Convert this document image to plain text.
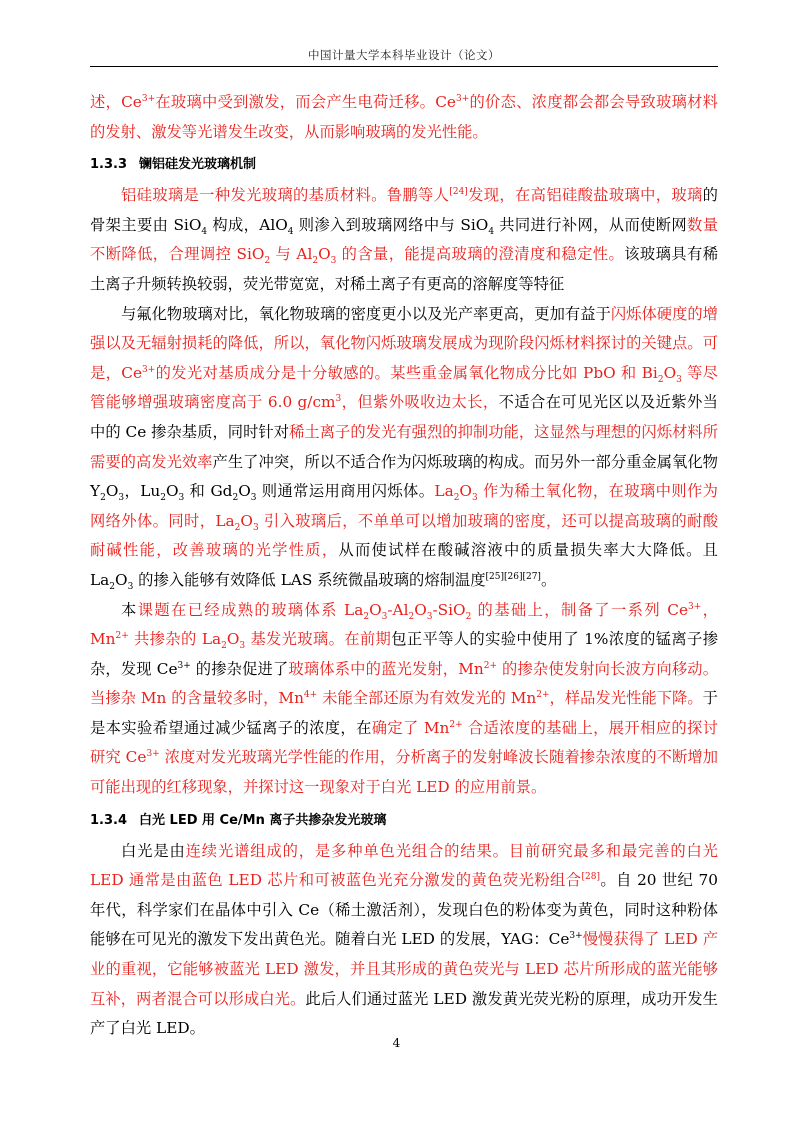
中国计量大学本科毕业设计（论文）

述，$Ce^{3+}$在玻璃中受到激发，而会产生电荷迁移。$Ce^{3+}$的价态、浓度都会都会导致玻璃材料的发射、激发等光谱发生改变，从而影响玻璃的发光性能。

1.3.3 镧铝硅发光玻璃机制

铝硅玻璃是一种发光玻璃的基质材料。鲁鹏等人[24]发现，在高铝硅酸盐玻璃中，玻璃的骨架主要由 SiO$_4$ 构成，AlO$_4$ 则渗入到玻璃网络中与 SiO$_4$ 共同进行补网，从而使断网数量不断降低，合理调控 SiO$_2$ 与 $Al_2O_3$ 的含量，能提高玻璃的澄清度和稳定性。该玻璃具有稀土离子升频转换较弱，荧光带宽宽，对稀土离子有更高的溶解度等特征

与氟化物玻璃对比，氧化物玻璃的密度更小以及光产率更高，更加有益于闪烁体硬度的增强以及无辐射损耗的降低，所以，氧化物闪烁玻璃发展成为现阶段闪烁材料探讨的关键点。可是，$Ce^{3+}$的发光对基质成分是十分敏感的。某些重金属氧化物成分比如 PbO 和 $Bi_2O_3$ 等尽管能够增强玻璃密度高于 6.0 $g/cm^3$，但紫外吸收边太长，不适合在可见光区以及近紫外当中的 Ce 掺杂基质，同时针对稀土离子的发光有强烈的抑制功能，这显然与理想的闪烁材料所需要的高发光效率产生了冲突，所以不适合作为闪烁玻璃的构成。而另外一部分重金属氧化物 $Y_2O_3$，$Lu_2O_3$ 和 $Gd_2O_3$ 则通常运用商用闪烁体。$La_2O_3$ 作为稀土氧化物，在玻璃中则作为网络外体。同时，$La_2O_3$ 引入玻璃后，不单单可以增加玻璃的密度，还可以提高玻璃的耐酸耐碱性能，改善玻璃的光学性质，从而使试样在酸碱溶液中的质量损失率大大降低。且 $La_2O_3$ 的掺入能够有效降低 LAS 系统微晶玻璃的熔制温度[25][26][27]。

本课题在已经成熟的玻璃体系 $La_2O_3-Al_2O_3-SiO_2$ 的基础上，制备了一系列 $Ce^{3+}$，$Mn^{2+}$ 共掺杂的 $La_2O_3$ 基发光玻璃。在前期包正平等人的实验中使用了 1%浓度的锰离子掺杂，发现 $Ce^{3+}$ 的掺杂促进了玻璃体系中的蓝光发射，$Mn^{2+}$ 的掺杂使发射向长波方向移动。当掺杂 Mn 的含量较多时，$Mn^{4+}$ 未能全部还原为有效发光的 $Mn^{2+}$，样品发光性能下降。于是本实验希望通过减少锰离子的浓度，在确定了 $Mn^{2+}$ 合适浓度的基础上，展开相应的探讨研究 $Ce^{3+}$ 浓度对发光玻璃光学性能的作用，分析离子的发射峰波长随着掺杂浓度的不断增加可能出现的红移现象，并探讨这一现象对于白光 LED 的应用前景。

1.3.4 白光 LED 用 Ce/Mn 离子共掺杂发光玻璃

白光是由连续光谱组成的，是多种单色光组合的结果。目前研究最多和最完善的白光 LED 通常是由蓝色 LED 芯片和可被蓝色光充分激发的黄色荧光粉组合[28]。自 20 世纪 70 年代，科学家们在晶体中引入 Ce（稀土激活剂），发现白色的粉体变为黄色，同时这种粉体能够在可见光的激发下发出黄色光。随着白光 LED 的发展，YAG：$Ce^{3+}$慢慢获得了 LED 产业的重视，它能够被蓝光 LED 激发，并且其形成的黄色荧光与 LED 芯片所形成的蓝光能够互补，两者混合可以形成白光。此后人们通过蓝光 LED 激发黄光荧光粉的原理，成功开发生产了白光 LED。

4
